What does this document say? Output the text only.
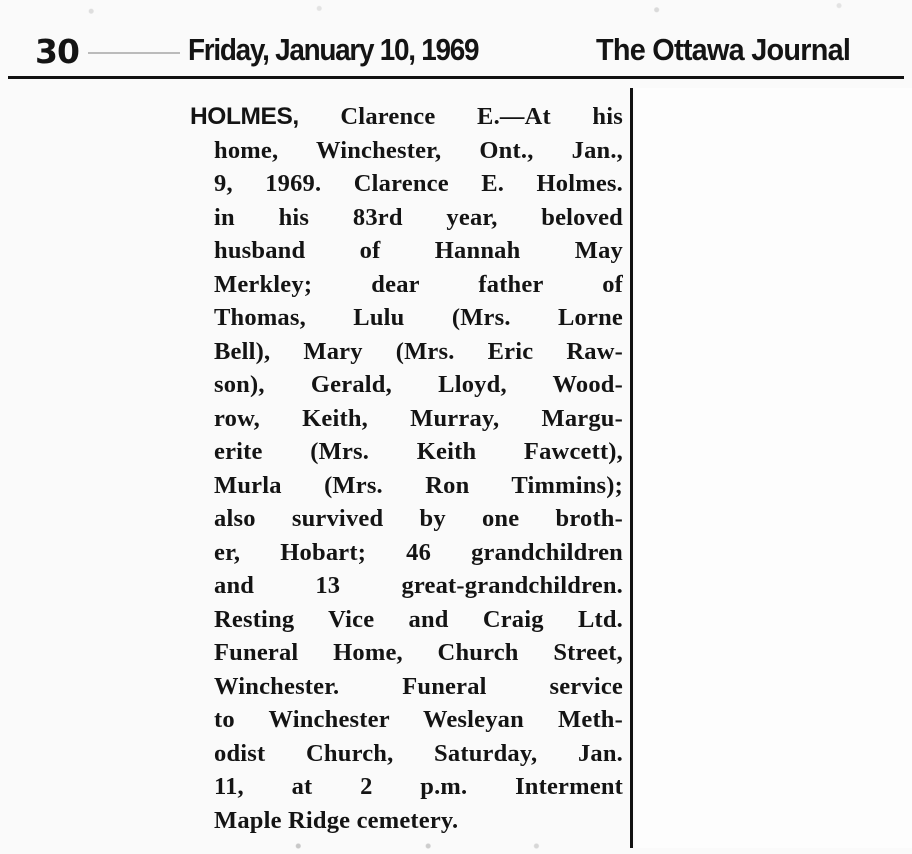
30	Friday, January 10, 1969	The Ottawa Journal

HOLMES, Clarence E.—At his
home, Winchester, Ont., Jan.,
9, 1969. Clarence E. Holmes.
in his 83rd year, beloved
husband of Hannah May
Merkley; dear father of
Thomas, Lulu (Mrs. Lorne
Bell), Mary (Mrs. Eric Raw-
son), Gerald, Lloyd, Wood-
row, Keith, Murray, Margu-
erite (Mrs. Keith Fawcett),
Murla (Mrs. Ron Timmins);
also survived by one broth-
er, Hobart; 46 grandchildren
and 13 great-grandchildren.
Resting Vice and Craig Ltd.
Funeral Home, Church Street,
Winchester. Funeral service
to Winchester Wesleyan Meth-
odist Church, Saturday, Jan.
11, at 2 p.m. Interment
Maple Ridge cemetery.
